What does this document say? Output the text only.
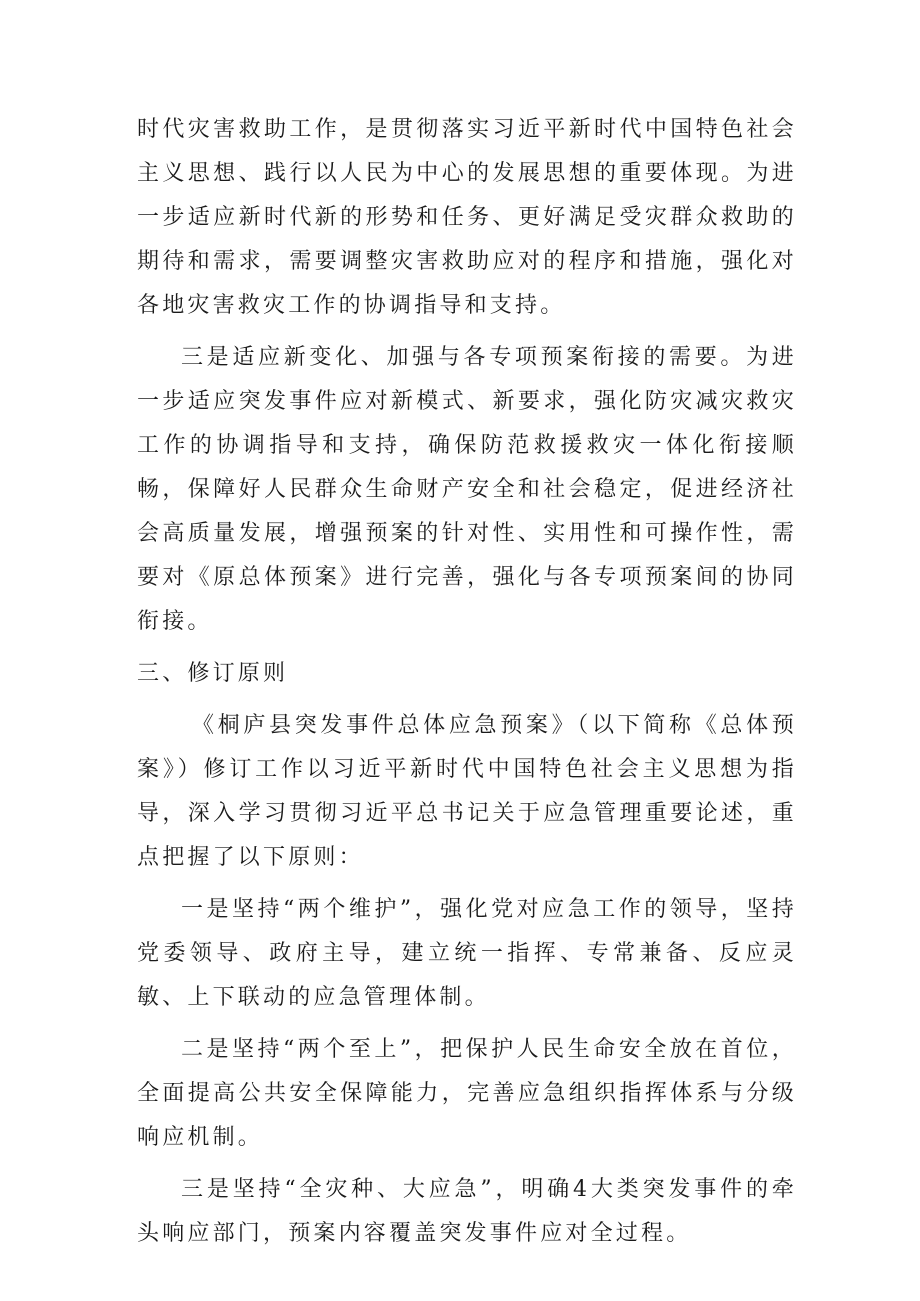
时代灾害救助工作，是贯彻落实习近平新时代中国特色社会主义思想、践行以人民为中心的发展思想的重要体现。为进一步适应新时代新的形势和任务、更好满足受灾群众救助的期待和需求，需要调整灾害救助应对的程序和措施，强化对各地灾害救灾工作的协调指导和支持。

三是适应新变化、加强与各专项预案衔接的需要。为进一步适应突发事件应对新模式、新要求，强化防灾减灾救灾工作的协调指导和支持，确保防范救援救灾一体化衔接顺畅，保障好人民群众生命财产安全和社会稳定，促进经济社会高质量发展，增强预案的针对性、实用性和可操作性，需要对《原总体预案》进行完善，强化与各专项预案间的协同衔接。

三、修订原则

《桐庐县突发事件总体应急预案》（以下简称《总体预案》）修订工作以习近平新时代中国特色社会主义思想为指导，深入学习贯彻习近平总书记关于应急管理重要论述，重点把握了以下原则：

一是坚持“两个维护”，强化党对应急工作的领导，坚持党委领导、政府主导，建立统一指挥、专常兼备、反应灵敏、上下联动的应急管理体制。

二是坚持“两个至上”，把保护人民生命安全放在首位，全面提高公共安全保障能力，完善应急组织指挥体系与分级响应机制。

三是坚持“全灾种、大应急”，明确4大类突发事件的牵头响应部门，预案内容覆盖突发事件应对全过程。
